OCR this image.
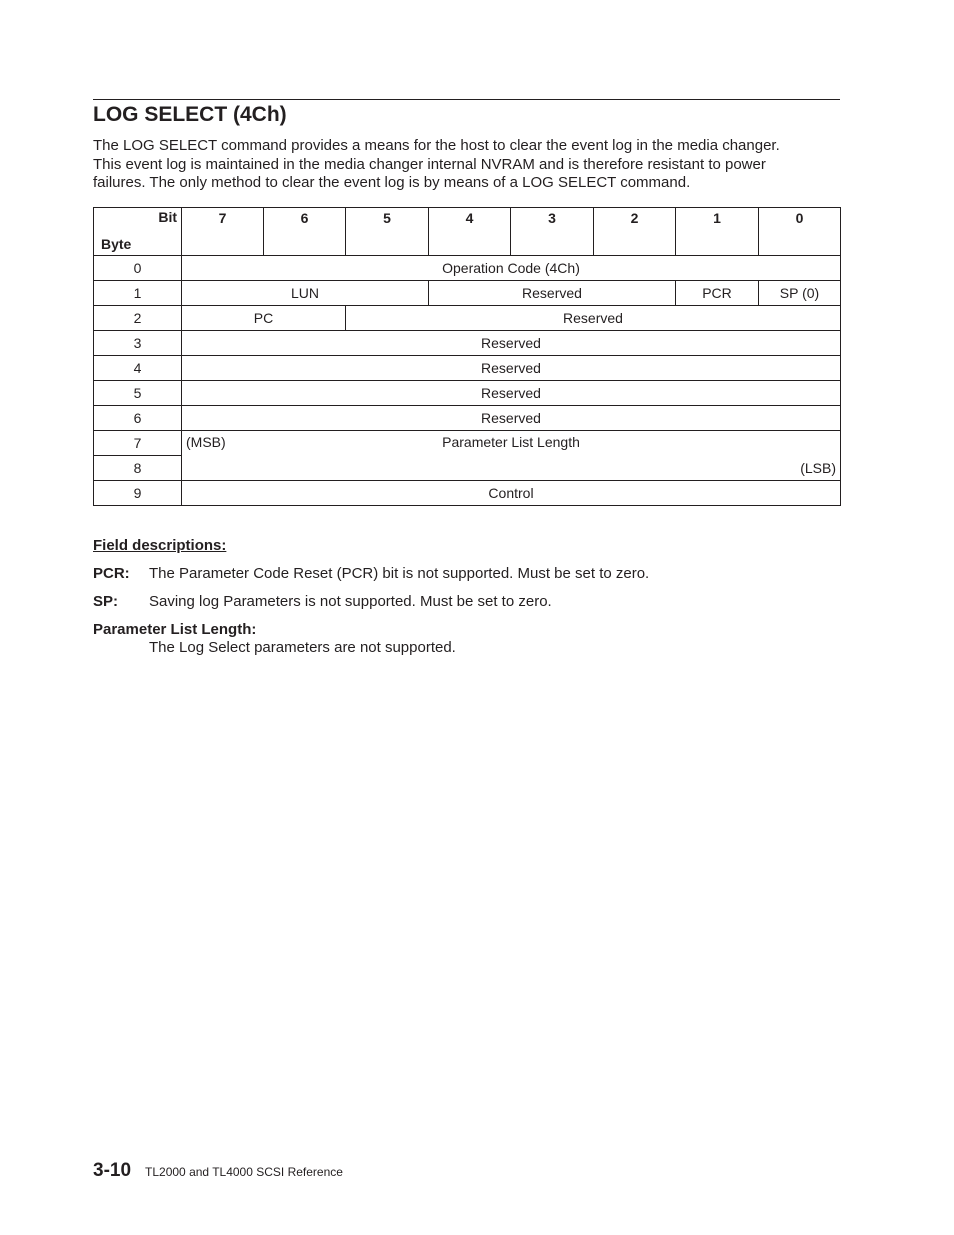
LOG SELECT (4Ch)
The LOG SELECT command provides a means for the host to clear the event log in the media changer.
This event log is maintained in the media changer internal NVRAM and is therefore resistant to power
failures. The only method to clear the event log is by means of a LOG SELECT command.
Bit
Byte	7	6	5	4	3	2	1	0
0	Operation Code (4Ch)							
1	LUN			Reserved			PCR	SP (0)
2	PC		Reserved					
3	Reserved							
4	Reserved							
5	Reserved							
6	Reserved							
7	(MSB) Parameter List Length							

8	(LSB)							
9	Control							
Field descriptions:
PCR: The Parameter Code Reset (PCR) bit is not supported. Must be set to zero.
SP: Saving log Parameters is not supported. Must be set to zero.
Parameter List Length:
The Log Select parameters are not supported.
3-10 TL2000 and TL4000 SCSI Reference
